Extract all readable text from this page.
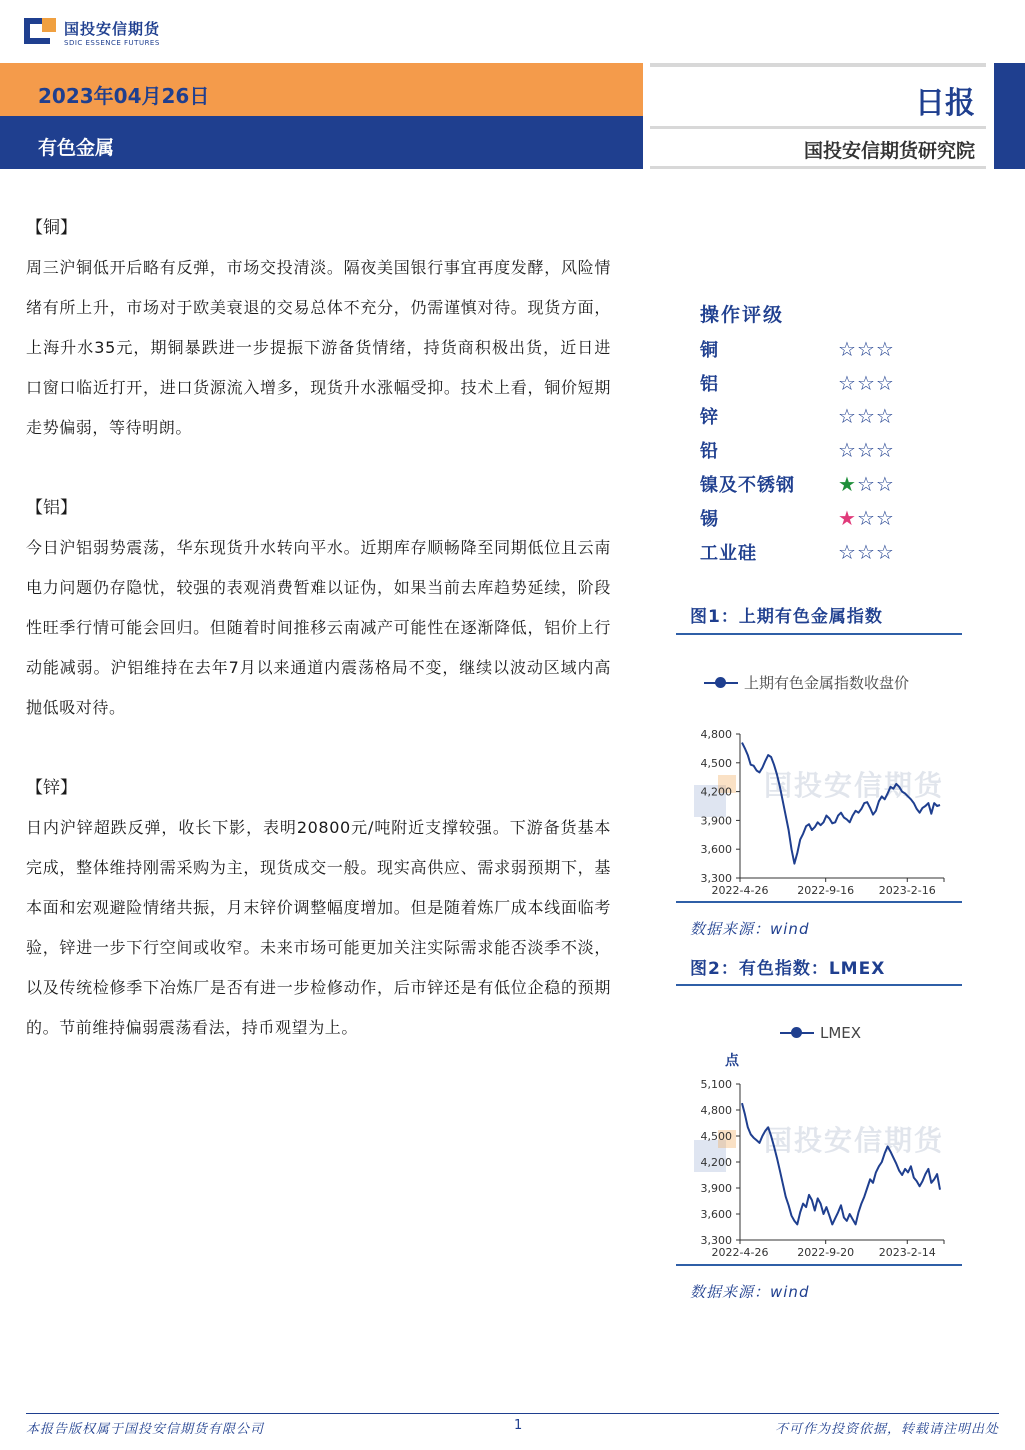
国投安信期货
SDIC ESSENCE FUTURES
2023年04月26日
有色金属
日报
国投安信期货研究院
【铜】
周三沪铜低开后略有反弹，市场交投清淡。隔夜美国银行事宜再度发酵，风险情绪有所上升，市场对于欧美衰退的交易总体不充分，仍需谨慎对待。现货方面，上海升水35元，期铜暴跌进一步提振下游备货情绪，持货商积极出货，近日进口窗口临近打开，进口货源流入增多，现货升水涨幅受抑。技术上看，铜价短期走势偏弱，等待明朗。
【铝】
今日沪铝弱势震荡，华东现货升水转向平水。近期库存顺畅降至同期低位且云南电力问题仍存隐忧，较强的表观消费暂难以证伪，如果当前去库趋势延续，阶段性旺季行情可能会回归。但随着时间推移云南减产可能性在逐渐降低，铝价上行动能减弱。沪铝维持在去年7月以来通道内震荡格局不变，继续以波动区域内高抛低吸对待。
【锌】
日内沪锌超跌反弹，收长下影，表明20800元/吨附近支撑较强。下游备货基本完成，整体维持刚需采购为主，现货成交一般。现实高供应、需求弱预期下，基本面和宏观避险情绪共振，月末锌价调整幅度增加。但是随着炼厂成本线面临考验，锌进一步下行空间或收窄。未来市场可能更加关注实际需求能否淡季不淡，以及传统检修季下冶炼厂是否有进一步检修动作，后市锌还是有低位企稳的预期的。节前维持偏弱震荡看法，持币观望为上。
操作评级
铜	☆☆☆
铝	☆☆☆
锌	☆☆☆
铅	☆☆☆
镍及不锈钢	★☆☆
锡	★☆☆
工业硅	☆☆☆
图1：上期有色金属指数
上期有色金属指数收盘价
国投安信期货
4,800
4,500
4,200
3,900
3,600
3,300
2022-4-26	2022-9-16 2023-2-16
数据来源：wind
图2：有色指数：LMEX
LMEX
点
国投安信期货
5,100
4,800
4,500
4,200
3,900
3,600
3,300
2022-4-26	2022-9-20 2023-2-14
数据来源：wind
本报告版权属于国投安信期货有限公司	1	不可作为投资依据，转载请注明出处
